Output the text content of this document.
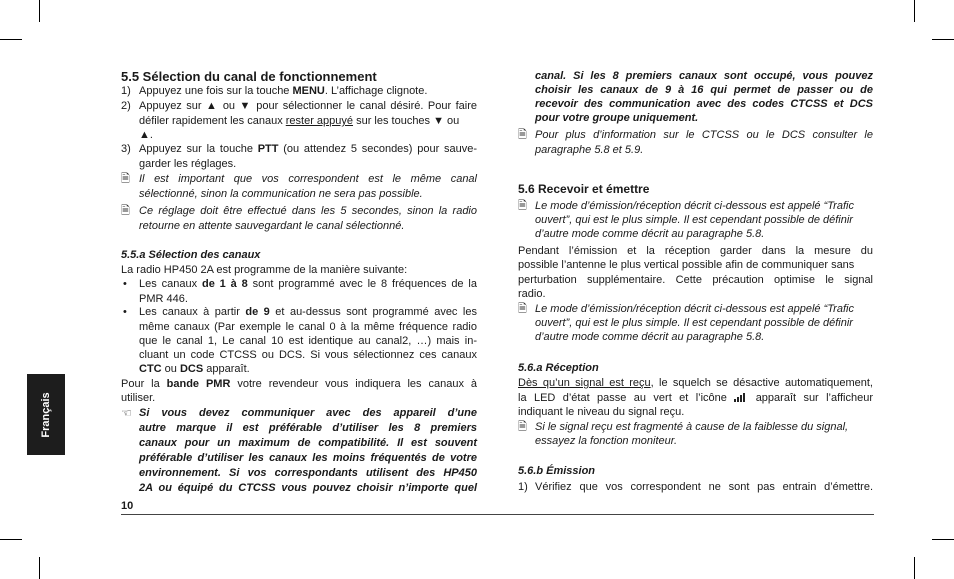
Français
5.5 Sélection du canal de fonctionnement
1) Appuyez une fois sur la touche MENU. L’affichage clignote.
2) Appuyez sur ▲ ou ▼ pour sélectionner le canal désiré. Pour faire
défiler rapidement les canaux rester appuyé sur les touches ▼ ou
▲.
3) Appuyez sur la touche PTT (ou attendez 5 secondes) pour sauve-
garder les réglages.
🗎 Il est important que vos correspondent est le même canal
sélectionné, sinon la communication ne sera pas possible.
🗎 Ce réglage doit être effectué dans les 5 secondes, sinon la radio
retourne en attente sauvegardant le canal sélectionné.
5.5.a Sélection des canaux
La radio HP450 2A est programme de la manière suivante:
•	Les canaux de 1 à 8 sont programmé avec le 8 fréquences de la
PMR 446.
•	Les canaux à partir de 9 et au-dessus sont programmé avec les
même canaux (Par exemple le canal 0 à la même fréquence radio
que le canal 1, Le canal 10 est identique au canal2, …) mais in-
cluant un code CTCSS ou DCS. Si vous sélectionnez ces canaux
CTC ou DCS apparaît.
Pour la bande PMR votre revendeur vous indiquera les canaux à
utiliser.
☜ Si vous devez communiquer avec des appareil d’une
autre marque il est préférable d’utiliser les 8 premiers
canaux pour un maximum de compatibilité. Il est souvent
préférable d’utiliser les canaux les moins fréquentés de votre
environnement. Si vos correspondants utilisent des HP450
2A ou équipé du CTCSS vous pouvez choisir n’importe quel
canal. Si les 8 premiers canaux sont occupé, vous pouvez
choisir les canaux de 9 à 16 qui permet de passer ou de
recevoir des communication avec des codes CTCSS et DCS
pour votre groupe uniquement.
🗎 Pour plus d’information sur le CTCSS ou le DCS consulter le
paragraphe 5.8 et 5.9.
5.6 Recevoir et émettre
🗎 Le mode d’émission/réception décrit ci-dessous est appelé “Trafic
ouvert”, qui est le plus simple. Il est cependant possible de définir
d’autre mode comme décrit au paragraphe 5.8.
Pendant l’émission et la réception garder dans la mesure du
possible l’antenne le plus vertical possible afin de communiquer sans
perturbation supplémentaire. Cette précaution optimise le signal
radio.
🗎 Le mode d’émission/réception décrit ci-dessous est appelé “Trafic
ouvert”, qui est le plus simple. Il est cependant possible de définir
d’autre mode comme décrit au paragraphe 5.8.
5.6.a Réception
Dès qu’un signal est reçu, le squelch se désactive automatiquement,
la LED d’état passe au vert et l’icône
apparaît sur l’afficheur
indiquant le niveau du signal reçu.
🗎 Si le signal reçu est fragmenté à cause de la faiblesse du signal,
essayez la fonction moniteur.
5.6.b Émission
1) Vérifiez que vos correspondent ne sont pas entrain d’émettre.
10
